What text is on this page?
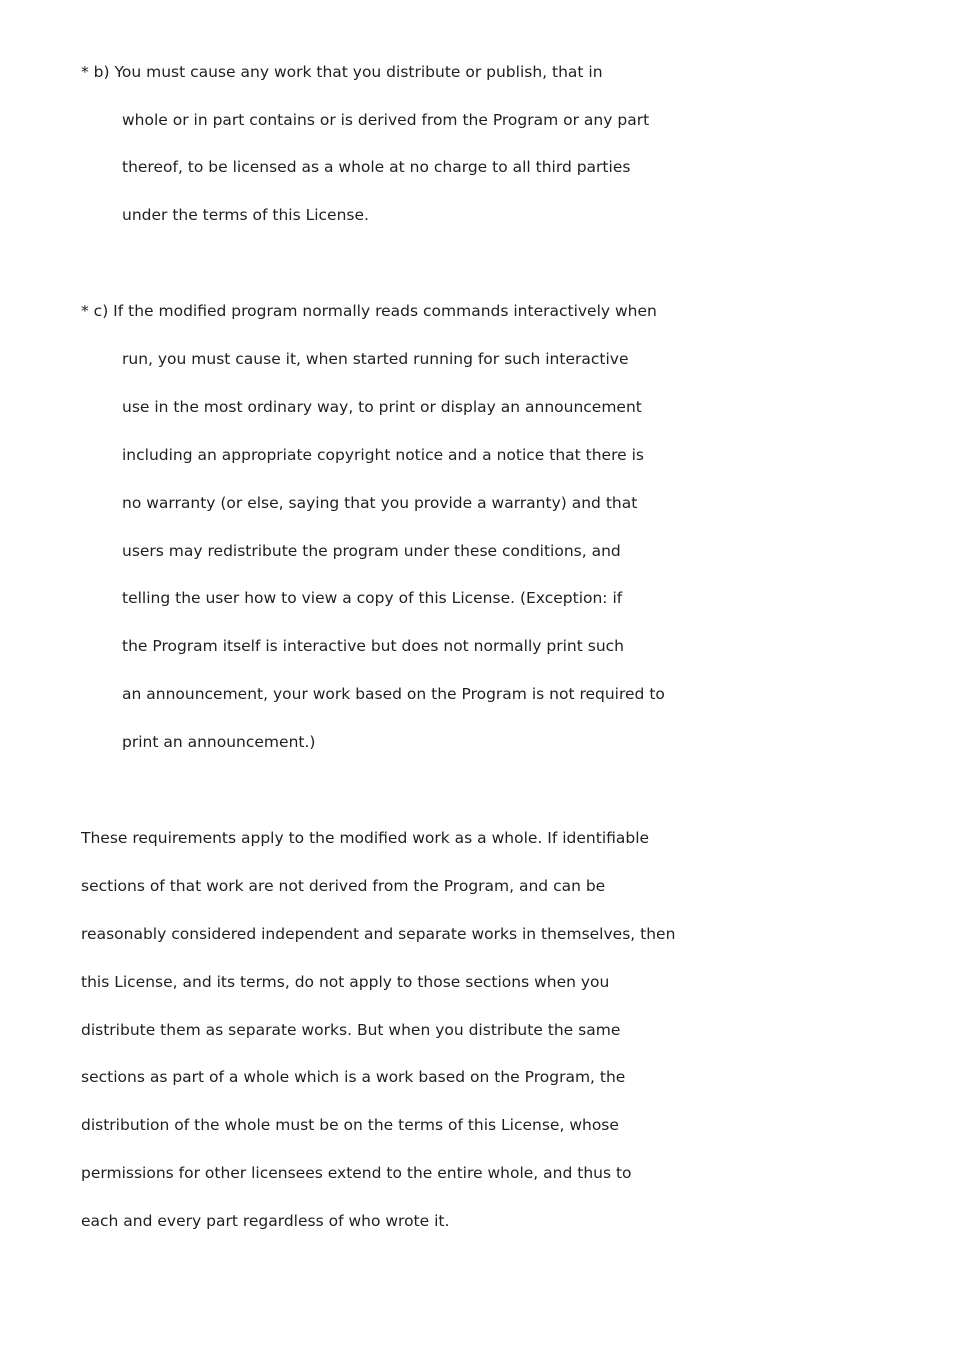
* b) You must cause any work that you distribute or publish, that in
whole or in part contains or is derived from the Program or any part
thereof, to be licensed as a whole at no charge to all third parties
under the terms of this License.
* c) If the modified program normally reads commands interactively when
run, you must cause it, when started running for such interactive
use in the most ordinary way, to print or display an announcement
including an appropriate copyright notice and a notice that there is
no warranty (or else, saying that you provide a warranty) and that
users may redistribute the program under these conditions, and
telling the user how to view a copy of this License. (Exception: if
the Program itself is interactive but does not normally print such
an announcement, your work based on the Program is not required to
print an announcement.)
These requirements apply to the modified work as a whole. If identifiable
sections of that work are not derived from the Program, and can be
reasonably considered independent and separate works in themselves, then
this License, and its terms, do not apply to those sections when you
distribute them as separate works. But when you distribute the same
sections as part of a whole which is a work based on the Program, the
distribution of the whole must be on the terms of this License, whose
permissions for other licensees extend to the entire whole, and thus to
each and every part regardless of who wrote it.
